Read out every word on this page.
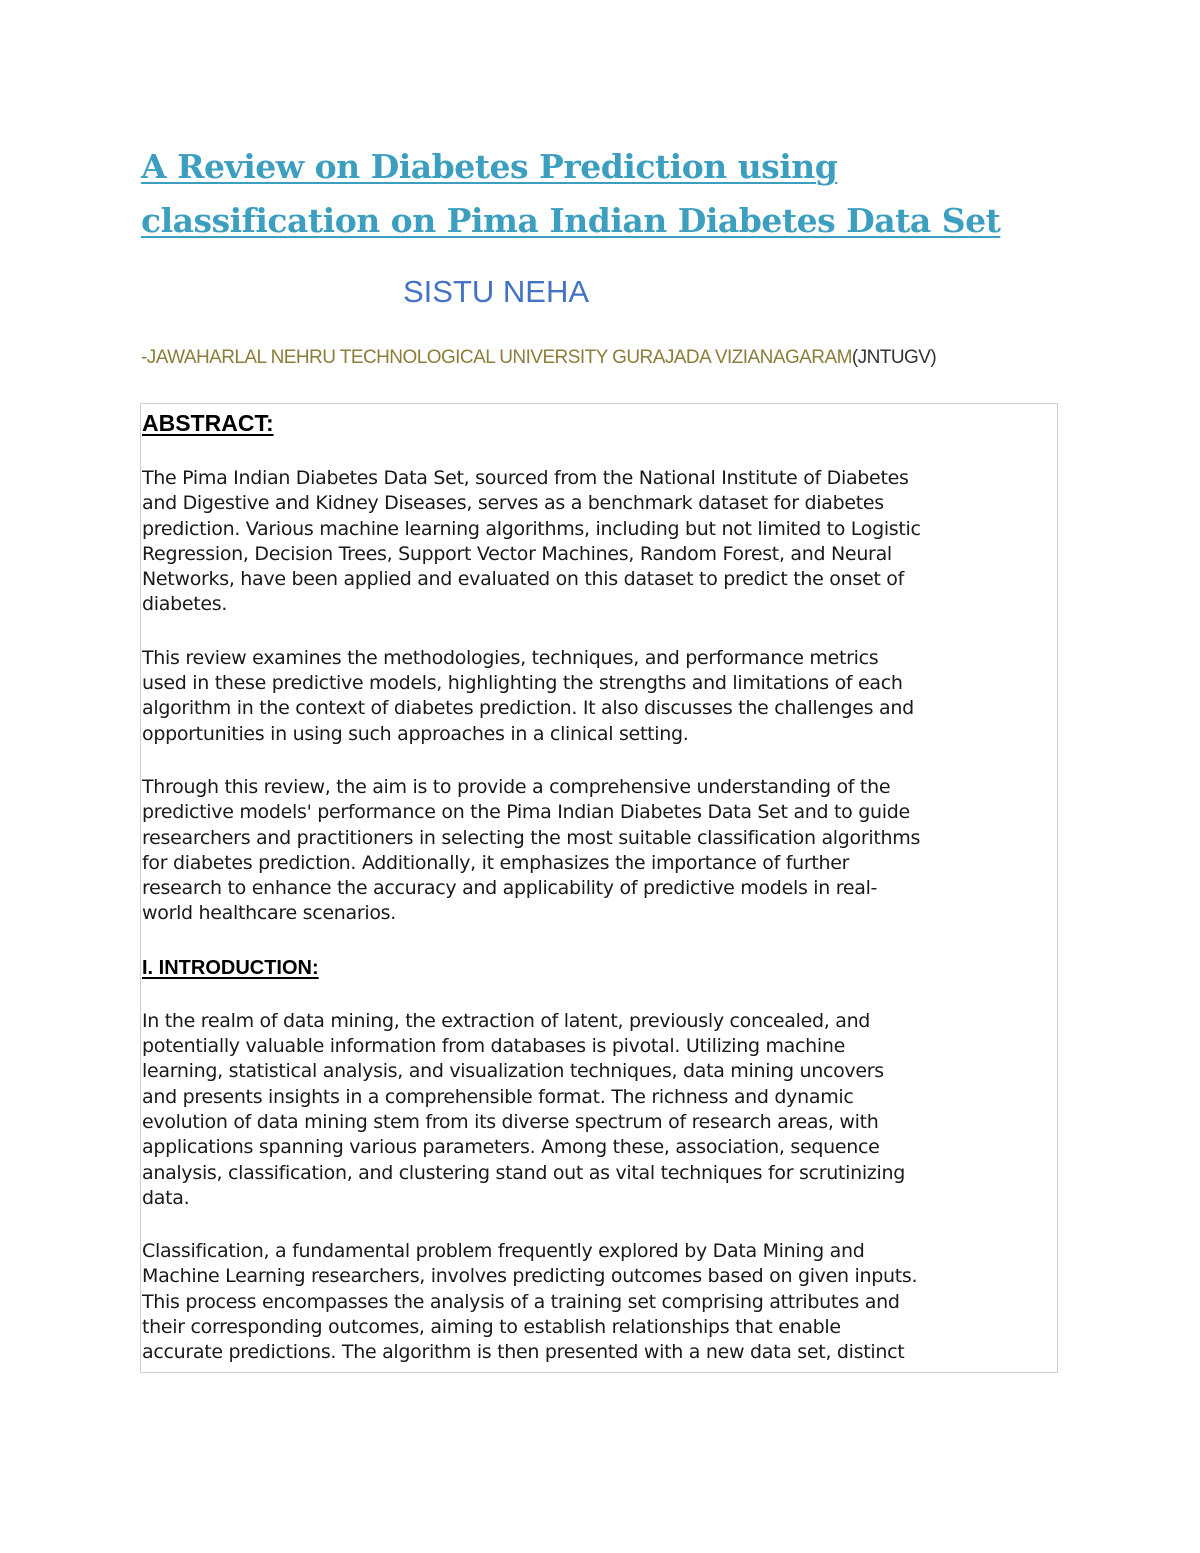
A Review on Diabetes Prediction using
classification on Pima Indian Diabetes Data Set
SISTU NEHA
-JAWAHARLAL NEHRU TECHNOLOGICAL UNIVERSITY GURAJADA VIZIANAGARAM(JNTUGV)
ABSTRACT:

The Pima Indian Diabetes Data Set, sourced from the National Institute of Diabetes
and Digestive and Kidney Diseases, serves as a benchmark dataset for diabetes
prediction. Various machine learning algorithms, including but not limited to Logistic
Regression, Decision Trees, Support Vector Machines, Random Forest, and Neural
Networks, have been applied and evaluated on this dataset to predict the onset of
diabetes.

This review examines the methodologies, techniques, and performance metrics
used in these predictive models, highlighting the strengths and limitations of each
algorithm in the context of diabetes prediction. It also discusses the challenges and
opportunities in using such approaches in a clinical setting.

Through this review, the aim is to provide a comprehensive understanding of the
predictive models' performance on the Pima Indian Diabetes Data Set and to guide
researchers and practitioners in selecting the most suitable classification algorithms
for diabetes prediction. Additionally, it emphasizes the importance of further
research to enhance the accuracy and applicability of predictive models in real-
world healthcare scenarios.

I. INTRODUCTION:

In the realm of data mining, the extraction of latent, previously concealed, and
potentially valuable information from databases is pivotal. Utilizing machine
learning, statistical analysis, and visualization techniques, data mining uncovers
and presents insights in a comprehensible format. The richness and dynamic
evolution of data mining stem from its diverse spectrum of research areas, with
applications spanning various parameters. Among these, association, sequence
analysis, classification, and clustering stand out as vital techniques for scrutinizing
data.

Classification, a fundamental problem frequently explored by Data Mining and
Machine Learning researchers, involves predicting outcomes based on given inputs.
This process encompasses the analysis of a training set comprising attributes and
their corresponding outcomes, aiming to establish relationships that enable
accurate predictions. The algorithm is then presented with a new data set, distinct
